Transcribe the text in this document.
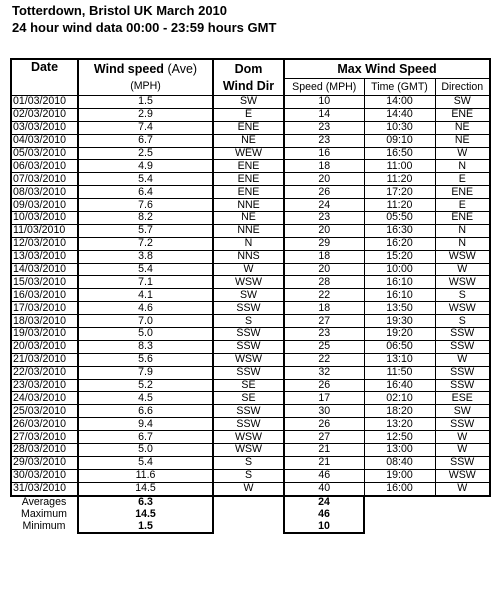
Totterdown, Bristol UK March 2010
24 hour wind data 00:00 - 23:59 hours GMT
Date	Wind speed (Ave)	Dom	Max Wind Speed		
	(MPH)	Wind Dir	Speed (MPH)	Time (GMT)	Direction
01/03/2010	1.5	SW	10	14:00	SW
02/03/2010	2.9	E	14	14:40	ENE
03/03/2010	7.4	ENE	23	10:30	NE
04/03/2010	6.7	NE	23	09:10	NE
05/03/2010	2.5	WEW	16	16:50	W
06/03/2010	4.9	ENE	18	11:00	N
07/03/2010	5.4	ENE	20	11:20	E
08/03/2010	6.4	ENE	26	17:20	ENE
09/03/2010	7.6	NNE	24	11:20	E
10/03/2010	8.2	NE	23	05:50	ENE
11/03/2010	5.7	NNE	20	16:30	N
12/03/2010	7.2	N	29	16:20	N
13/03/2010	3.8	NNS	18	15:20	WSW
14/03/2010	5.4	W	20	10:00	W
15/03/2010	7.1	WSW	28	16:10	WSW
16/03/2010	4.1	SW	22	16:10	S
17/03/2010	4.6	SSW	18	13:50	WSW
18/03/2010	7.0	S	27	19:30	S
19/03/2010	5.0	SSW	23	19:20	SSW
20/03/2010	8.3	SSW	25	06:50	SSW
21/03/2010	5.6	WSW	22	13:10	W
22/03/2010	7.9	SSW	32	11:50	SSW
23/03/2010	5.2	SE	26	16:40	SSW
24/03/2010	4.5	SE	17	02:10	ESE
25/03/2010	6.6	SSW	30	18:20	SW
26/03/2010	9.4	SSW	26	13:20	SSW
27/03/2010	6.7	WSW	27	12:50	W
28/03/2010	5.0	WSW	21	13:00	W
29/03/2010	5.4	S	21	08:40	SSW
30/03/2010	11.6	S	46	19:00	WSW
31/03/2010	14.5	W	40	16:00	W
Averages	6.3		24		
Maximum	14.5		46		
Minimum	1.5		10		
